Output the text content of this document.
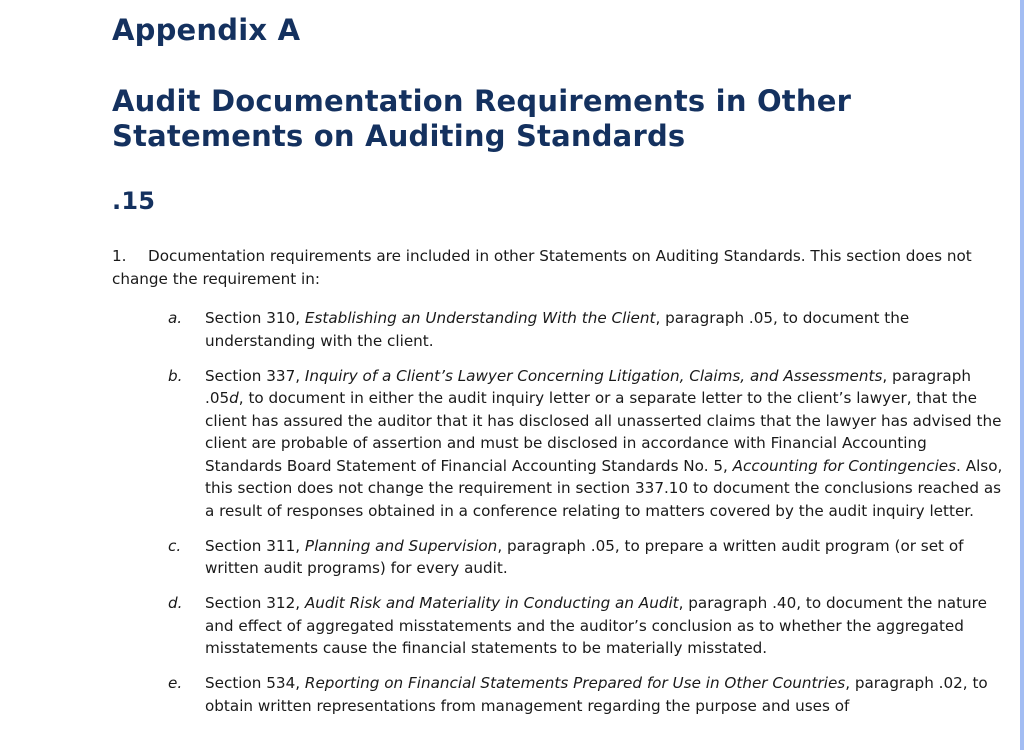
Appendix A
Audit Documentation Requirements in Other Statements on Auditing Standards
.15

1. Documentation requirements are included in other Statements on Auditing Standards. This section does not change the requirement in:

a. Section 310, Establishing an Understanding With the Client, paragraph .05, to document the understanding with the client.
b. Section 337, Inquiry of a Client’s Lawyer Concerning Litigation, Claims, and Assessments, paragraph .05d, to document in either the audit inquiry letter or a separate letter to the client’s lawyer, that the client has assured the auditor that it has disclosed all unasserted claims that the lawyer has advised the client are probable of assertion and must be disclosed in accordance with Financial Accounting Standards Board Statement of Financial Accounting Standards No. 5, Accounting for Contingencies. Also, this section does not change the requirement in section 337.10 to document the conclusions reached as a result of responses obtained in a conference relating to matters covered by the audit inquiry letter.
c. Section 311, Planning and Supervision, paragraph .05, to prepare a written audit program (or set of written audit programs) for every audit.
d. Section 312, Audit Risk and Materiality in Conducting an Audit, paragraph .40, to document the nature and effect of aggregated misstatements and the auditor’s conclusion as to whether the aggregated misstatements cause the financial statements to be materially misstated.
e. Section 534, Reporting on Financial Statements Prepared for Use in Other Countries, paragraph .02, to obtain written representations from management regarding the purpose and uses of
